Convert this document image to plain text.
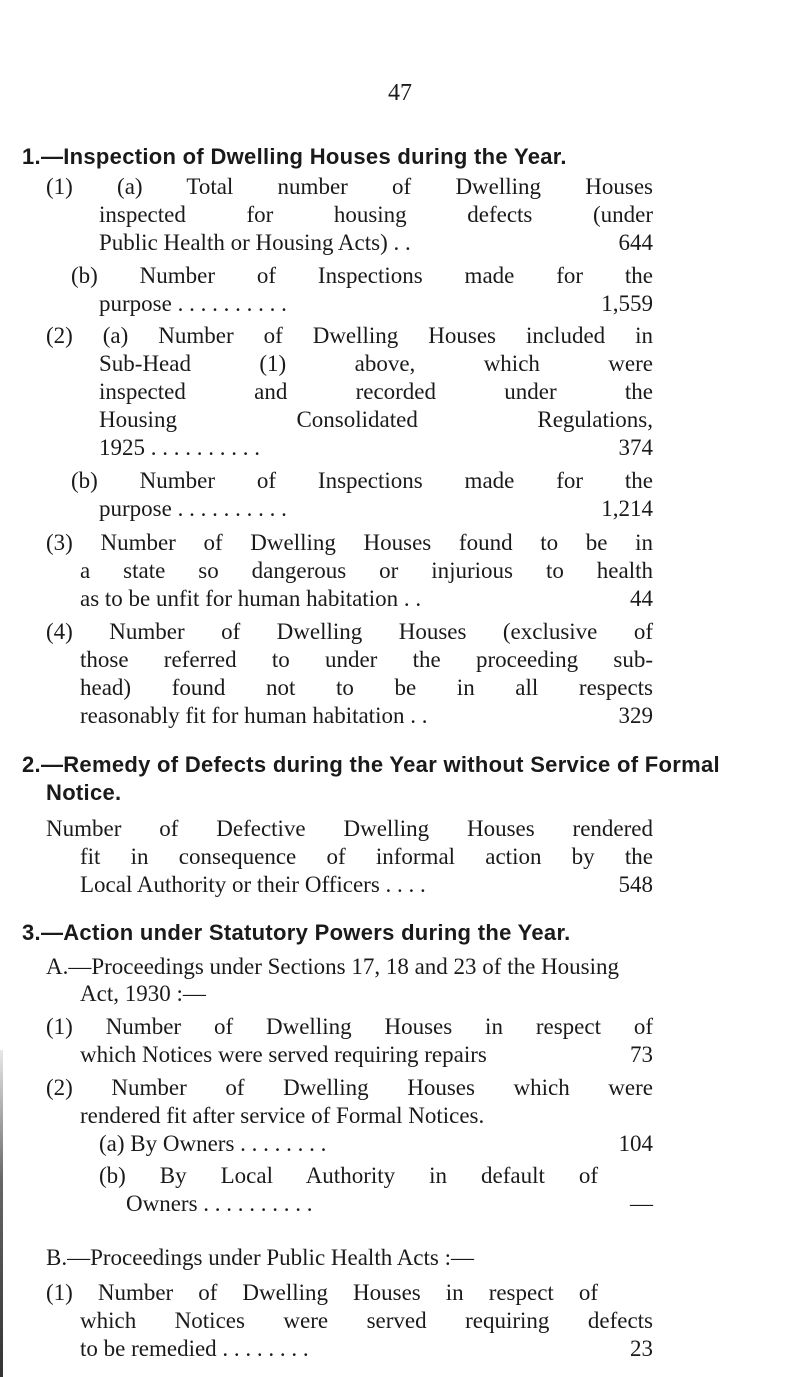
47
1.—Inspection of Dwelling Houses during the Year.
(1) (a) Total number of Dwelling Houses
inspected for housing defects (under
Public Health or Housing Acts) . .	644
(b) Number of Inspections made for the
purpose . . . . . . . . . .	1,559
(2) (a) Number of Dwelling Houses included in
Sub-Head (1) above, which were
inspected and recorded under the
Housing Consolidated Regulations,
1925 . . . . . . . . . .	374
(b) Number of Inspections made for the
purpose . . . . . . . . . .	1,214
(3) Number of Dwelling Houses found to be in
a state so dangerous or injurious to health
as to be unfit for human habitation . .	44
(4) Number of Dwelling Houses (exclusive of
those referred to under the proceeding sub-
head) found not to be in all respects
reasonably fit for human habitation . .	329
2.—Remedy of Defects during the Year without Service of Formal
Notice.
Number of Defective Dwelling Houses rendered
fit in consequence of informal action by the
Local Authority or their Officers . . . .	548
3.—Action under Statutory Powers during the Year.
A.—Proceedings under Sections 17, 18 and 23 of the Housing
Act, 1930 :—
(1) Number of Dwelling Houses in respect of
which Notices were served requiring repairs	73
(2) Number of Dwelling Houses which were
rendered fit after service of Formal Notices.
(a) By Owners . . . . . . . .	104
(b) By Local Authority in default of
Owners . . . . . . . . . .	—
B.—Proceedings under Public Health Acts :—
(1) Number of Dwelling Houses in respect of
which Notices were served requiring defects
to be remedied . . . . . . . .	23
